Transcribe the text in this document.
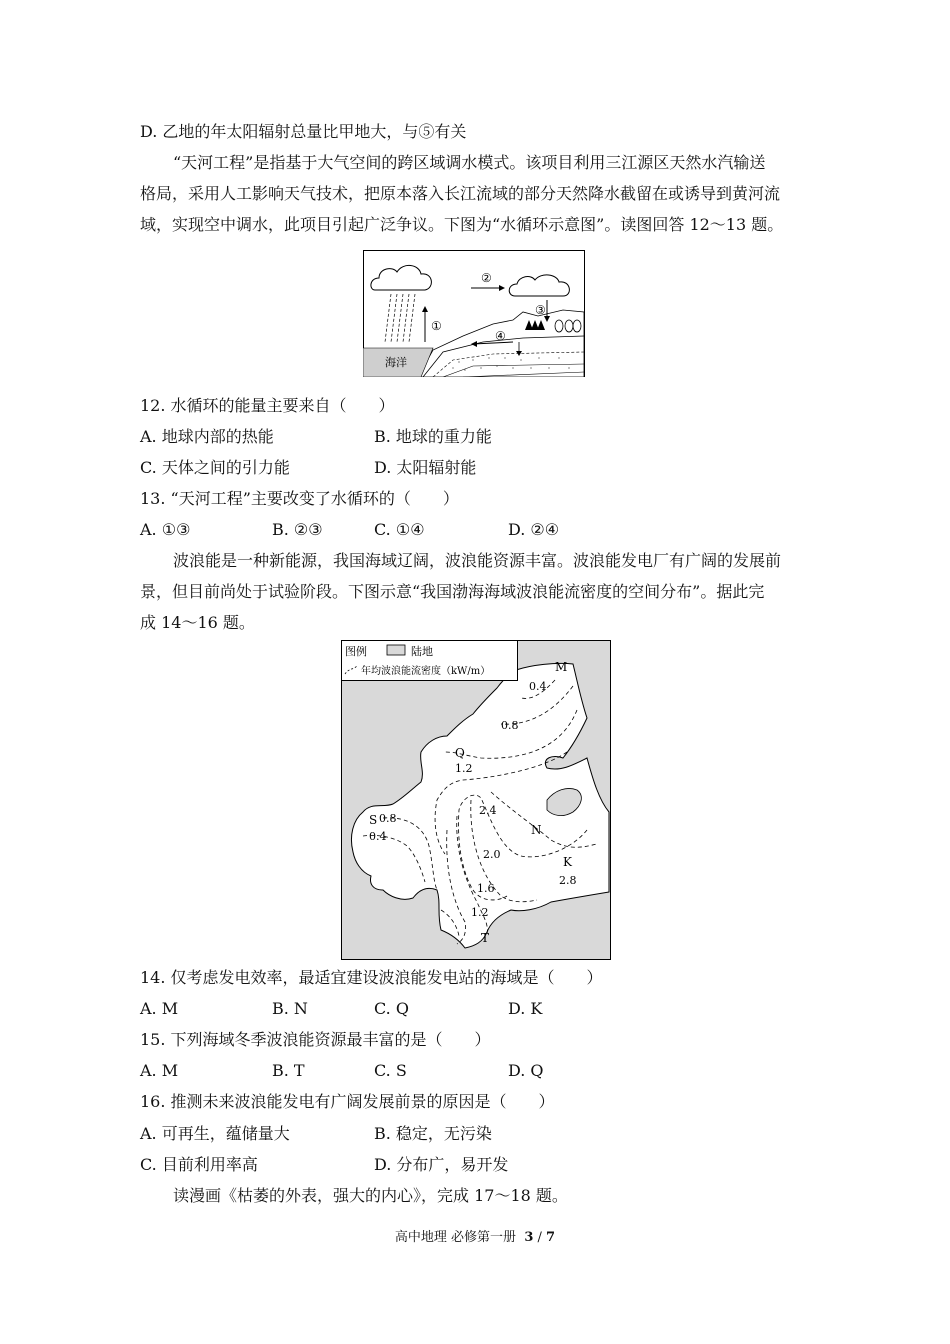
D. 乙地的年太阳辐射总量比甲地大，与⑤有关
“天河工程”是指基于大气空间的跨区域调水模式。该项目利用三江源区天然水汽输送
格局，采用人工影响天气技术，把原本落入长江流域的部分天然降水截留在或诱导到黄河流
域，实现空中调水，此项目引起广泛争议。下图为“水循环示意图”。读图回答 12～13 题。
海洋
①
②
③
④
12. 水循环的能量主要来自（　　）
A. 地球内部的热能	B. 地球的重力能
C. 天体之间的引力能	D. 太阳辐射能
13. “天河工程”主要改变了水循环的（　　）
A. ①③	B. ②③	C. ①④	D. ②④
波浪能是一种新能源，我国海域辽阔，波浪能资源丰富。波浪能发电厂有广阔的发展前
景，但目前尚处于试验阶段。下图示意“我国渤海海域波浪能流密度的空间分布”。据此完
成 14～16 题。
图例	陆地
年均波浪能流密度（kW/m）	M
Q
S
N
K
T
0.4
0.8
1.2
0.8
0.4
2.4
2.0
1.6
1.2
2.8
14. 仅考虑发电效率，最适宜建设波浪能发电站的海域是（　　）
A. M	B. N	C. Q	D. K
15. 下列海域冬季波浪能资源最丰富的是（　　）
A. M	B. T	C. S	D. Q
16. 推测未来波浪能发电有广阔发展前景的原因是（　　）
A. 可再生，蕴储量大	B. 稳定，无污染
C. 目前利用率高	D. 分布广，易开发
读漫画《枯萎的外表，强大的内心》，完成 17～18 题。
高中地理 必修第一册 3 / 7
